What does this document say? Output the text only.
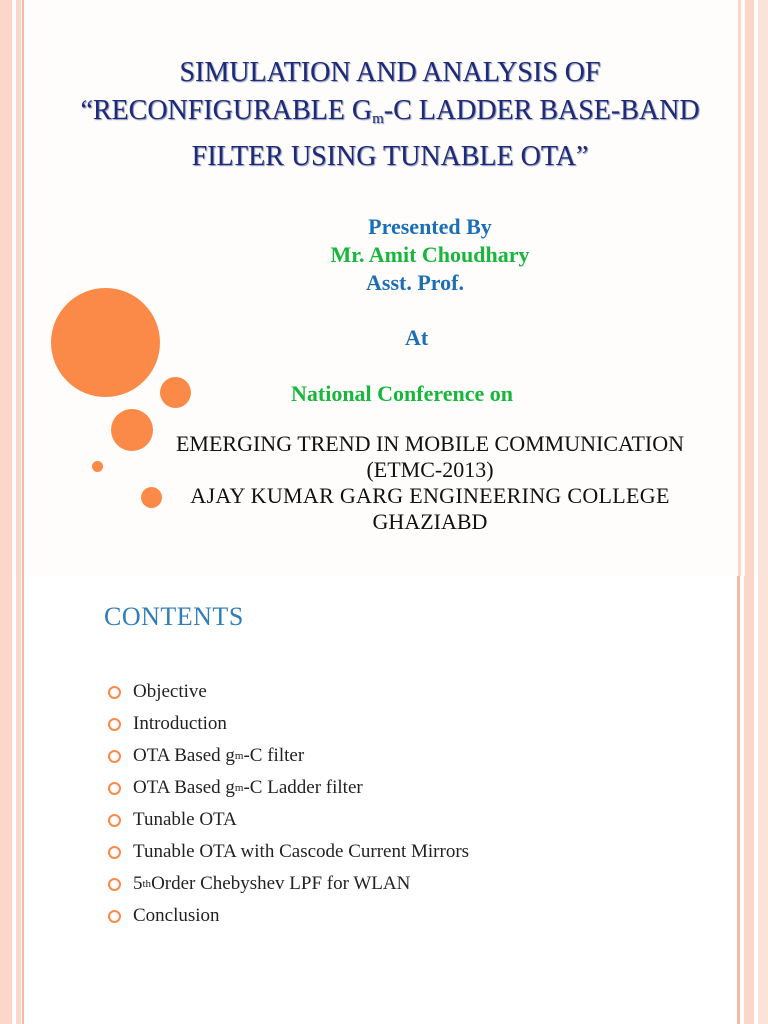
SIMULATION AND ANALYSIS OF
“RECONFIGURABLE $G_m-C$ LADDER BASE-BAND
FILTER USING TUNABLE OTA”
Presented By
Mr. Amit Choudhary
Asst. Prof.
At
National Conference on
EMERGING TREND IN MOBILE COMMUNICATION
(ETMC-2013)
AJAY KUMAR GARG ENGINEERING COLLEGE
GHAZIABD
CONTENTS
Objective
Introduction
OTA Based g m -C filter
OTA Based g m -C Ladder filter
Tunable OTA
Tunable OTA with Cascode Current Mirrors
5 th Order Chebyshev LPF for WLAN
Conclusion
